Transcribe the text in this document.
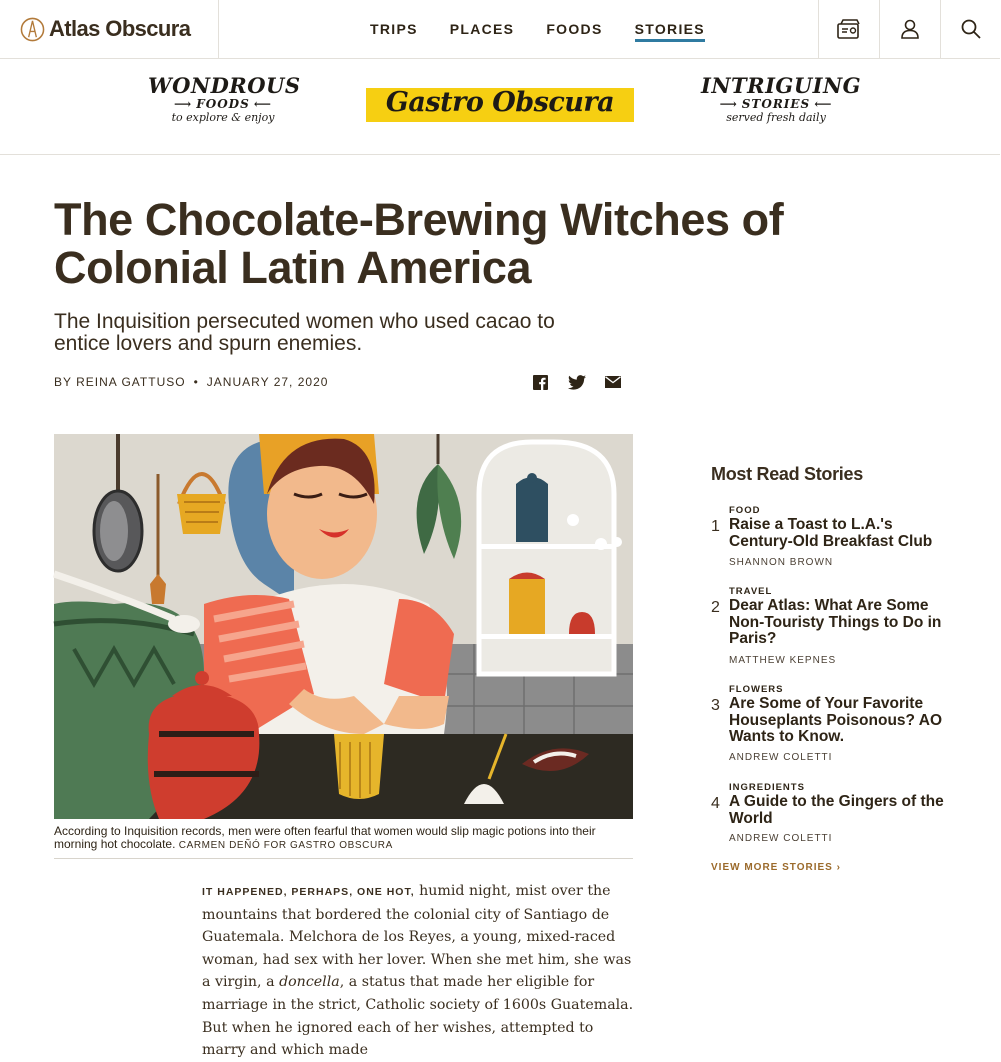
Atlas Obscura	TRIPS PLACES FOODS STORIES
WONDROUS
⟶ FOODS ⟵
to explore & enjoy	Gastro Obscura
INTRIGUING
⟶ STORIES ⟵
served fresh daily
The Chocolate-Brewing Witches of Colonial Latin America

The Inquisition persecuted women who used cacao to entice lovers and spurn enemies.

BY REINA GATTUSO • JANUARY 27, 2020
According to Inquisition records, men were often fearful that women would slip magic potions into their morning hot chocolate. CARMEN DEÑÓ FOR GASTRO OBSCURA
IT HAPPENED, PERHAPS, ONE HOT, humid night, mist over the mountains that bordered the colonial city of Santiago de Guatemala. Melchora de los Reyes, a young, mixed-raced woman, had sex with her lover. When she met him, she was a virgin, a doncella, a status that made her eligible for marriage in the strict, Catholic society of 1600s Guatemala. But when he ignored each of her wishes, attempted to marry and which made
Most Read Stories
1
FOOD
Raise a Toast to L.A.'s Century-Old Breakfast Club
SHANNON BROWN
2
TRAVEL
Dear Atlas: What Are Some Non-Touristy Things to Do in Paris?
MATTHEW KEPNES
3
FLOWERS
Are Some of Your Favorite Houseplants Poisonous? AO Wants to Know.
ANDREW COLETTI
4
INGREDIENTS
A Guide to the Gingers of the World
ANDREW COLETTI
VIEW MORE STORIES ›
